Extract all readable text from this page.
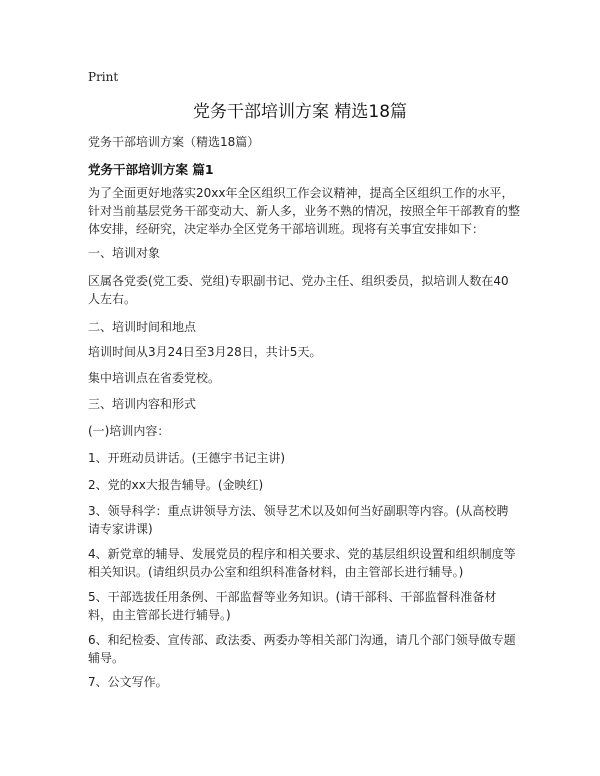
Print
党务干部培训方案 精选18篇
党务干部培训方案（精选18篇）
党务干部培训方案 篇1
为了全面更好地落实20xx年全区组织工作会议精神，提高全区组织工作的水平，针对当前基层党务干部变动大、新人多，业务不熟的情况，按照全年干部教育的整体安排，经研究，决定举办全区党务干部培训班。现将有关事宜安排如下：
一、培训对象
区属各党委(党工委、党组)专职副书记、党办主任、组织委员，拟培训人数在40人左右。
二、培训时间和地点
培训时间从3月24日至3月28日，共计5天。
集中培训点在省委党校。
三、培训内容和形式
(一)培训内容：
1、开班动员讲话。(王德宇书记主讲)
2、党的xx大报告辅导。(金映红)
3、领导科学：重点讲领导方法、领导艺术以及如何当好副职等内容。(从高校聘请专家讲课)
4、新党章的辅导、发展党员的程序和相关要求、党的基层组织设置和组织制度等相关知识。(请组织员办公室和组织科准备材料，由主管部长进行辅导。)
5、干部选拔任用条例、干部监督等业务知识。(请干部科、干部监督科准备材料，由主管部长进行辅导。)
6、和纪检委、宣传部、政法委、两委办等相关部门沟通，请几个部门领导做专题辅导。
7、公文写作。
